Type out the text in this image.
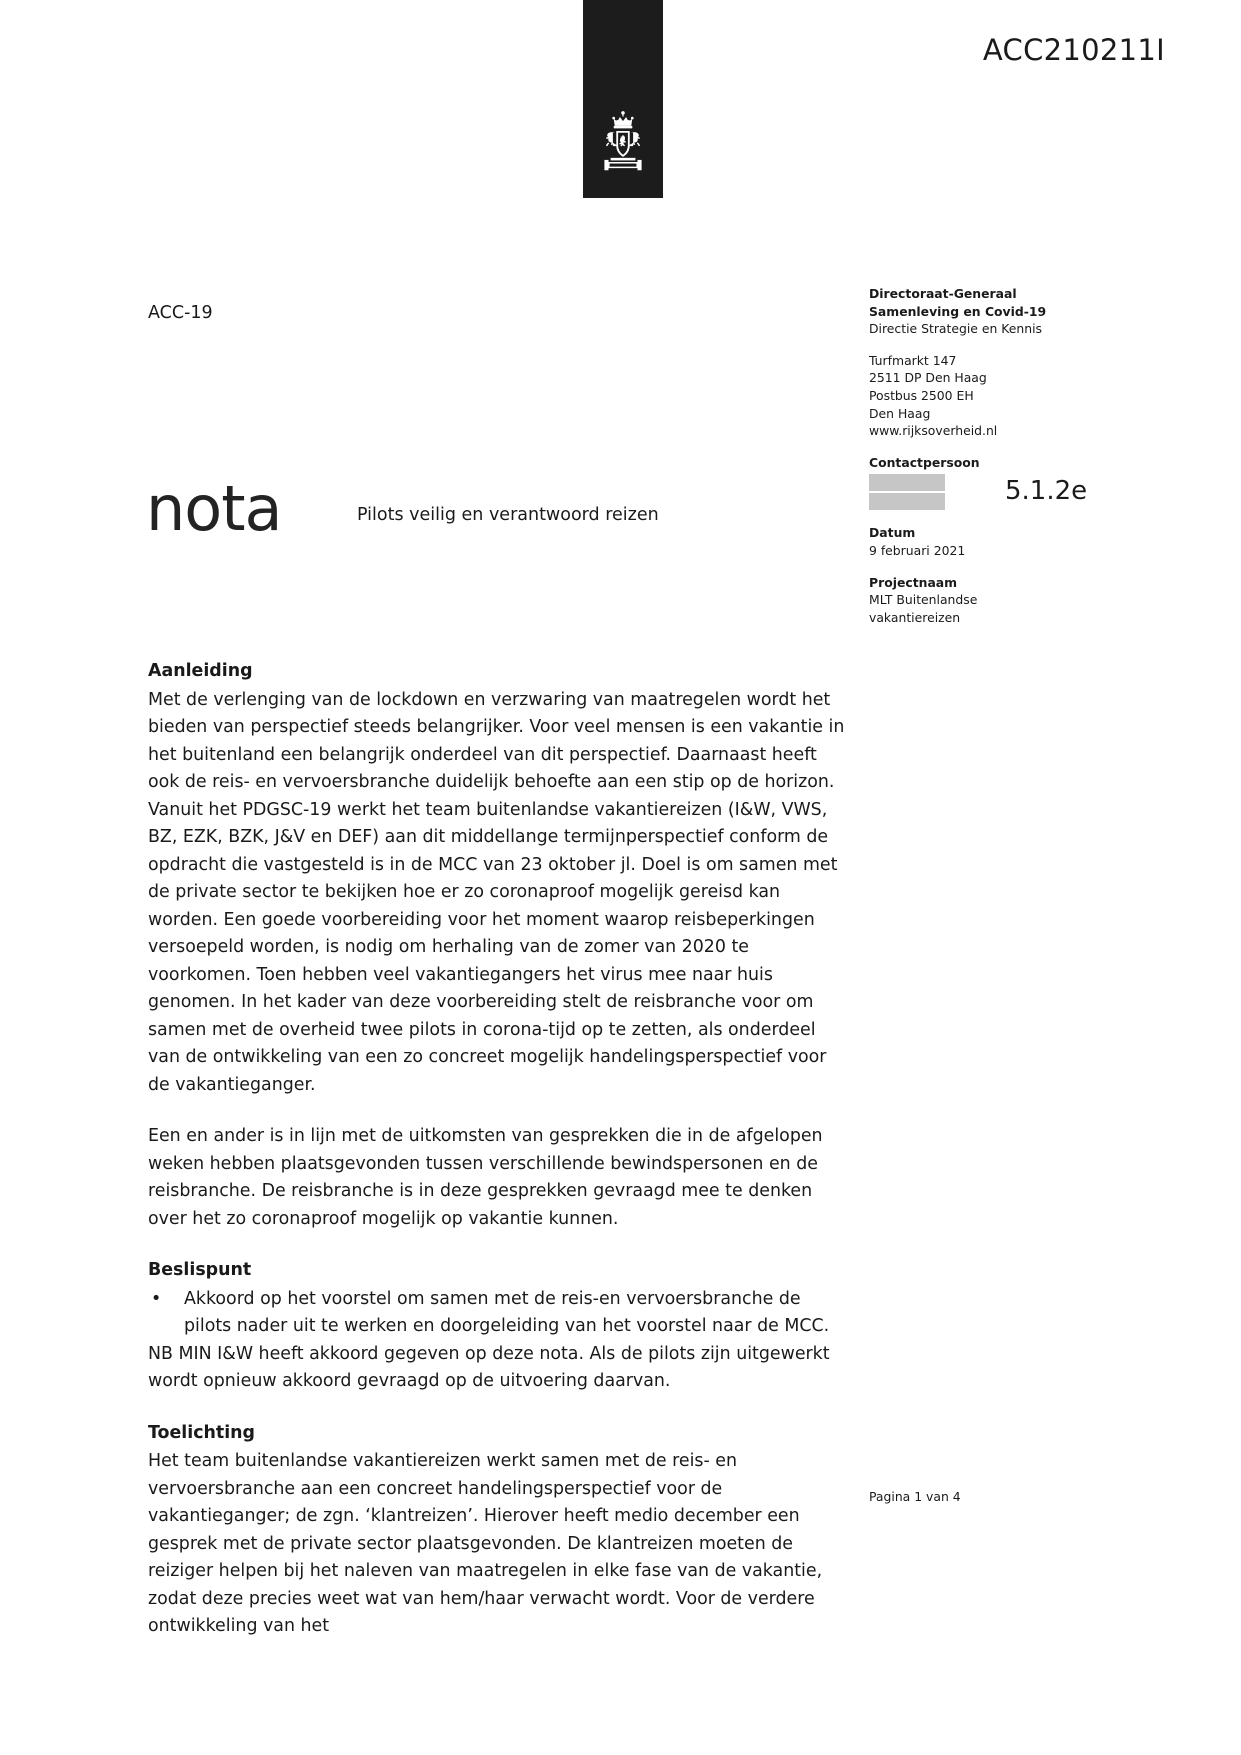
ACC210211I
ACC-19
nota	Pilots veilig en verantwoord reizen
Directoraat-Generaal
Samenleving en Covid-19
Directie Strategie en Kennis
Turfmarkt 147
2511 DP Den Haag
Postbus 2500 EH
Den Haag
www.rijksoverheid.nl
Contactpersoon
5.1.2e
Datum
9 februari 2021
Projectnaam
MLT Buitenlandse
vakantiereizen
Aanleiding

Met de verlenging van de lockdown en verzwaring van maatregelen wordt het bieden van perspectief steeds belangrijker. Voor veel mensen is een vakantie in het buitenland een belangrijk onderdeel van dit perspectief. Daarnaast heeft ook de reis- en vervoersbranche duidelijk behoefte aan een stip op de horizon. Vanuit het PDGSC-19 werkt het team buitenlandse vakantiereizen (I&W, VWS, BZ, EZK, BZK, J&V en DEF) aan dit middellange termijnperspectief conform de opdracht die vastgesteld is in de MCC van 23 oktober jl. Doel is om samen met de private sector te bekijken hoe er zo coronaproof mogelijk gereisd kan worden. Een goede voorbereiding voor het moment waarop reisbeperkingen versoepeld worden, is nodig om herhaling van de zomer van 2020 te voorkomen. Toen hebben veel vakantiegangers het virus mee naar huis genomen. In het kader van deze voorbereiding stelt de reisbranche voor om samen met de overheid twee pilots in corona-tijd op te zetten, als onderdeel van de ontwikkeling van een zo concreet mogelijk handelingsperspectief voor de vakantieganger.

Een en ander is in lijn met de uitkomsten van gesprekken die in de afgelopen weken hebben plaatsgevonden tussen verschillende bewindspersonen en de reisbranche. De reisbranche is in deze gesprekken gevraagd mee te denken over het zo coronaproof mogelijk op vakantie kunnen.

Beslispunt
• Akkoord op het voorstel om samen met de reis-en vervoersbranche de pilots nader uit te werken en doorgeleiding van het voorstel naar de MCC.

NB MIN I&W heeft akkoord gegeven op deze nota. Als de pilots zijn uitgewerkt wordt opnieuw akkoord gevraagd op de uitvoering daarvan.

Toelichting

Het team buitenlandse vakantiereizen werkt samen met de reis- en vervoersbranche aan een concreet handelingsperspectief voor de vakantieganger; de zgn. ‘klantreizen’. Hierover heeft medio december een gesprek met de private sector plaatsgevonden. De klantreizen moeten de reiziger helpen bij het naleven van maatregelen in elke fase van de vakantie, zodat deze precies weet wat van hem/haar verwacht wordt. Voor de verdere ontwikkeling van het

Pagina 1 van 4
